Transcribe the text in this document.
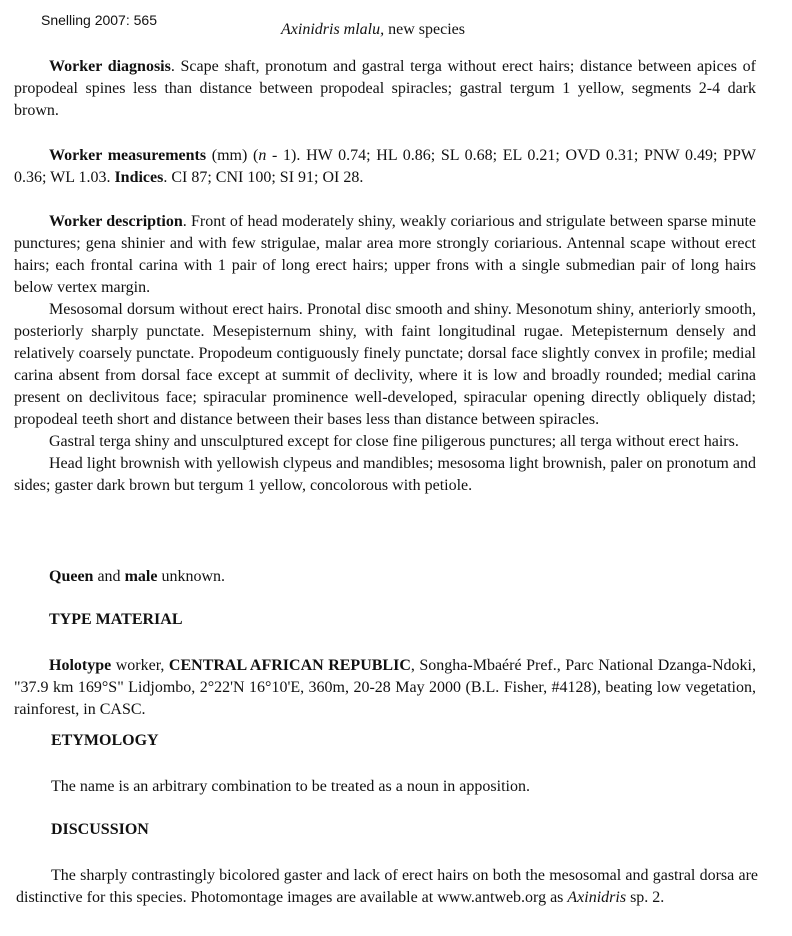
Snelling 2007: 565
Axinidris mlalu, new species

Worker diagnosis. Scape shaft, pronotum and gastral terga without erect hairs; distance between apices of propodeal spines less than distance between propodeal spiracles; gastral tergum 1 yellow, segments 2-4 dark brown.

Worker measurements (mm) (n - 1). HW 0.74; HL 0.86; SL 0.68; EL 0.21; OVD 0.31; PNW 0.49; PPW 0.36; WL 1.03. Indices. CI 87; CNI 100; SI 91; OI 28.

Worker description. Front of head moderately shiny, weakly coriarious and strigulate between sparse minute punctures; gena shinier and with few strigulae, malar area more strongly coriarious. Antennal scape without erect hairs; each frontal carina with 1 pair of long erect hairs; upper frons with a single submedian pair of long hairs below vertex margin.

Mesosomal dorsum without erect hairs. Pronotal disc smooth and shiny. Mesonotum shiny, anteriorly smooth, posteriorly sharply punctate. Mesepisternum shiny, with faint longitudinal rugae. Metepisternum densely and relatively coarsely punctate. Propodeum contiguously finely punctate; dorsal face slightly convex in profile; medial carina absent from dorsal face except at summit of declivity, where it is low and broadly rounded; medial carina present on declivitous face; spiracular prominence well-developed, spiracular opening directly obliquely distad; propodeal teeth short and distance between their bases less than distance between spiracles.

Gastral terga shiny and unsculptured except for close fine piligerous punctures; all terga without erect hairs.

Head light brownish with yellowish clypeus and mandibles; mesosoma light brownish, paler on pronotum and sides; gaster dark brown but tergum 1 yellow, concolorous with petiole.

Queen and male unknown.

TYPE MATERIAL

Holotype worker, CENTRAL AFRICAN REPUBLIC, Songha-Mbaéré Pref., Parc National Dzanga-Ndoki, "37.9 km 169°S" Lidjombo, 2°22'N 16°10'E, 360m, 20-28 May 2000 (B.L. Fisher, #4128), beating low vegetation, rainforest, in CASC.

ETYMOLOGY

The name is an arbitrary combination to be treated as a noun in apposition.

DISCUSSION

The sharply contrastingly bicolored gaster and lack of erect hairs on both the mesosomal and gastral dorsa are distinctive for this species. Photomontage images are available at www.antweb.org as Axinidris sp. 2.
